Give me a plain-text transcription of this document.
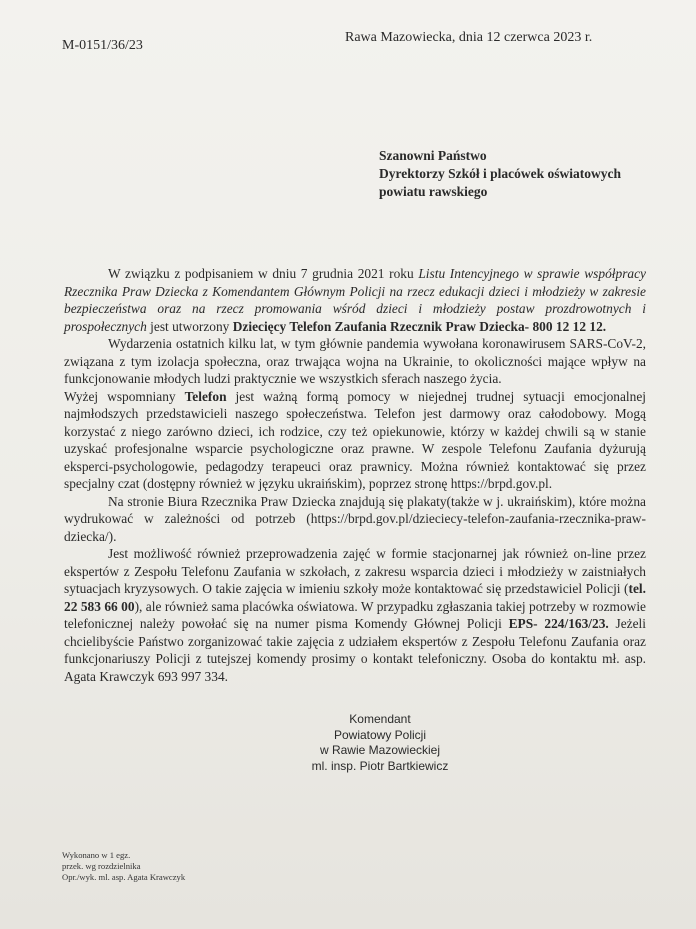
M-0151/36/23
Rawa Mazowiecka, dnia 12 czerwca 2023 r.
Szanowni Państwo
Dyrektorzy Szkół i placówek oświatowych
powiatu rawskiego

W związku z podpisaniem w dniu 7 grudnia 2021 roku Listu Intencyjnego w sprawie współpracy Rzecznika Praw Dziecka z Komendantem Głównym Policji na rzecz edukacji dzieci i młodzieży w zakresie bezpieczeństwa oraz na rzecz promowania wśród dzieci i młodzieży postaw prozdrowotnych i prospołecznych jest utworzony Dziecięcy Telefon Zaufania Rzecznik Praw Dziecka- 800 12 12 12.

Wydarzenia ostatnich kilku lat, w tym głównie pandemia wywołana koronawirusem SARS-CoV-2, związana z tym izolacja społeczna, oraz trwająca wojna na Ukrainie, to okoliczności mające wpływ na funkcjonowanie młodych ludzi praktycznie we wszystkich sferach naszego życia.

Wyżej wspomniany Telefon jest ważną formą pomocy w niejednej trudnej sytuacji emocjonalnej najmłodszych przedstawicieli naszego społeczeństwa. Telefon jest darmowy oraz całodobowy. Mogą korzystać z niego zarówno dzieci, ich rodzice, czy też opiekunowie, którzy w każdej chwili są w stanie uzyskać profesjonalne wsparcie psychologiczne oraz prawne. W zespole Telefonu Zaufania dyżurują eksperci-psychologowie, pedagodzy terapeuci oraz prawnicy. Można również kontaktować się przez specjalny czat (dostępny również w języku ukraińskim), poprzez stronę https://brpd.gov.pl.

Na stronie Biura Rzecznika Praw Dziecka znajdują się plakaty(także w j. ukraińskim), które można wydrukować w zależności od potrzeb (https://brpd.gov.pl/dzieciecy-telefon-zaufania-rzecznika-praw-dziecka/).

Jest możliwość również przeprowadzenia zajęć w formie stacjonarnej jak również on-line przez ekspertów z Zespołu Telefonu Zaufania w szkołach, z zakresu wsparcia dzieci i młodzieży w zaistniałych sytuacjach kryzysowych. O takie zajęcia w imieniu szkoły może kontaktować się przedstawiciel Policji (tel. 22 583 66 00), ale również sama placówka oświatowa. W przypadku zgłaszania takiej potrzeby w rozmowie telefonicznej należy powołać się na numer pisma Komendy Głównej Policji EPS- 224/163/23. Jeżeli chcielibyście Państwo zorganizować takie zajęcia z udziałem ekspertów z Zespołu Telefonu Zaufania oraz funkcjonariuszy Policji z tutejszej komendy prosimy o kontakt telefoniczny. Osoba do kontaktu mł. asp. Agata Krawczyk 693 997 334.

Komendant
Powiatowy Policji
w Rawie Mazowieckiej
ml. insp. Piotr Bartkiewicz
Wykonano w 1 egz.
przek. wg rozdzielnika
Opr./wyk. ml. asp. Agata Krawczyk
